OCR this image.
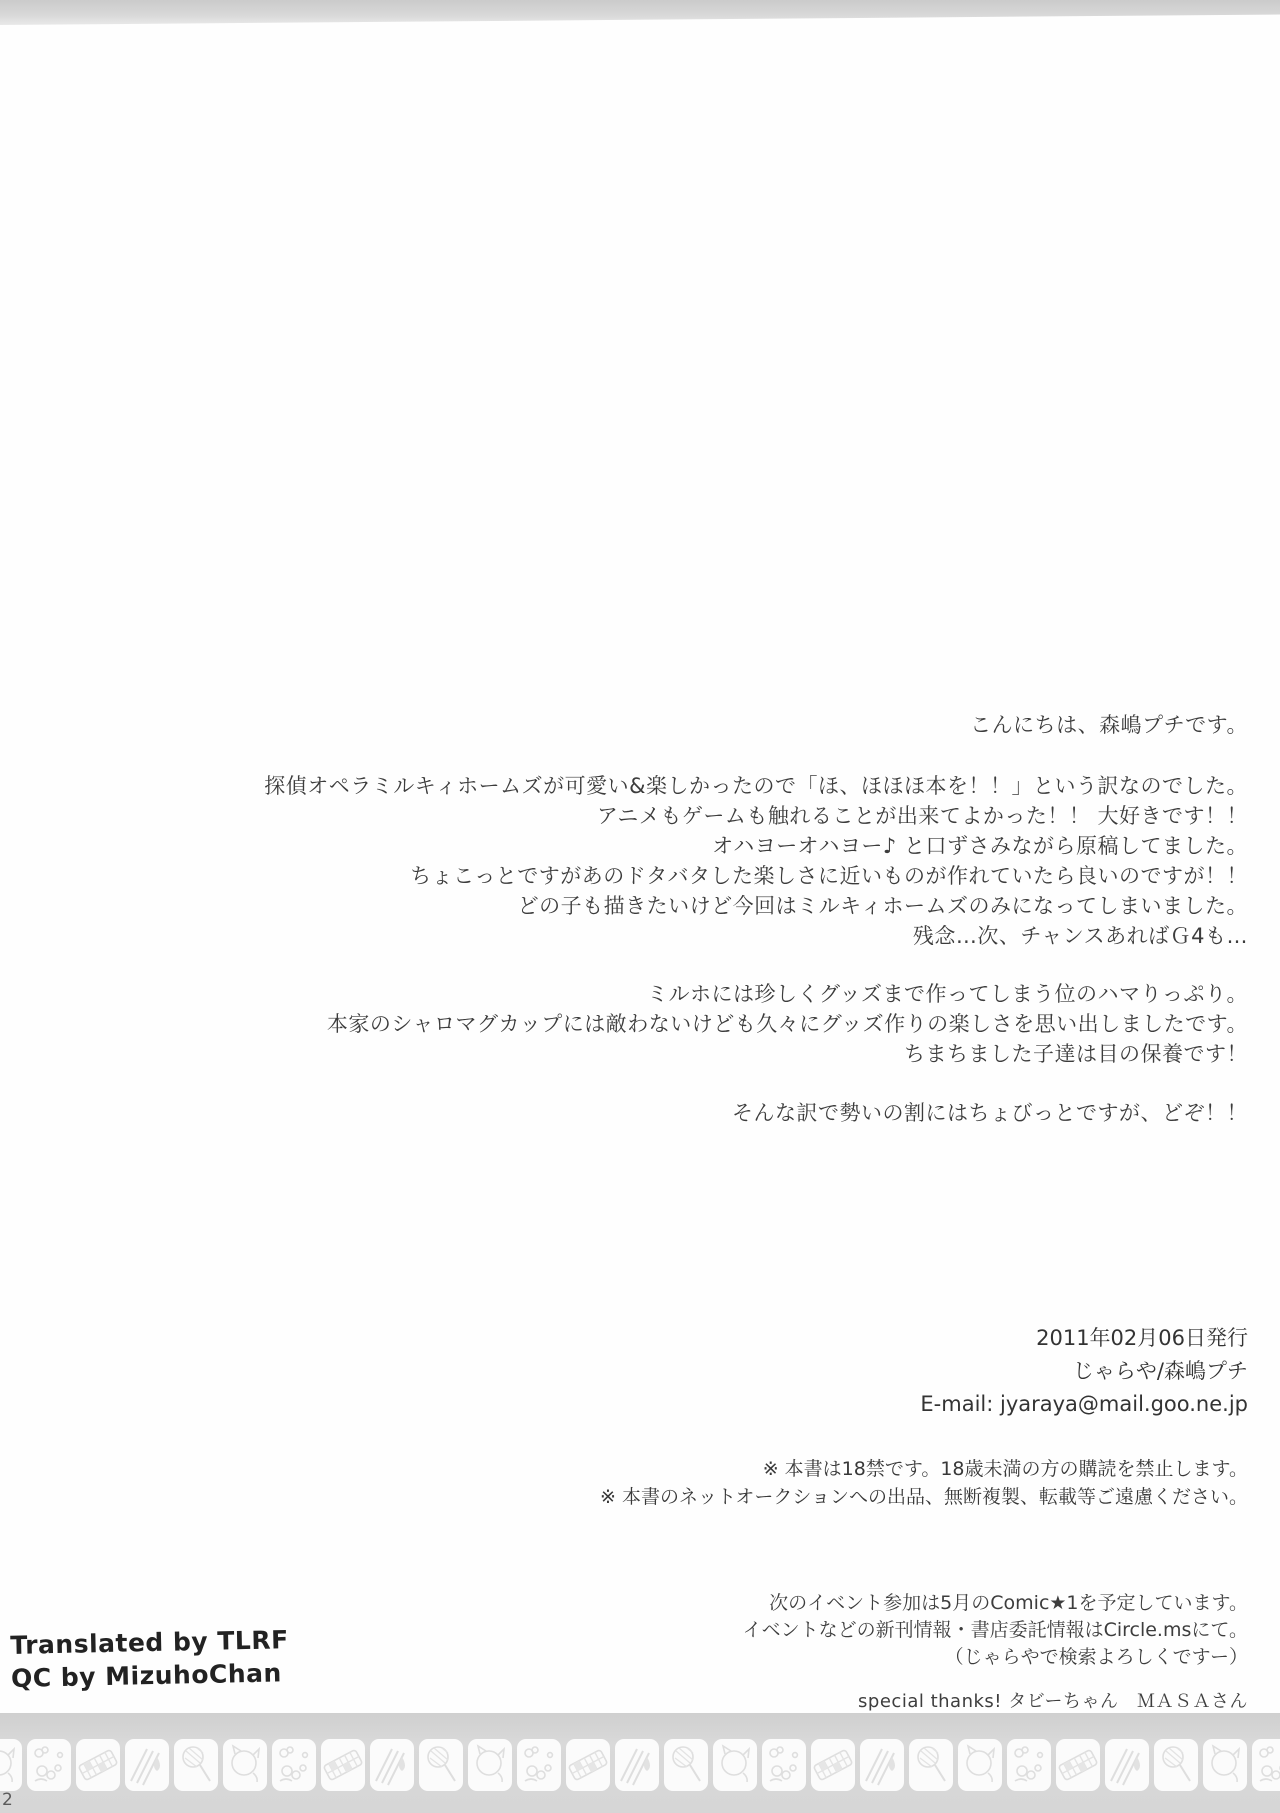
こんにちは、森嶋プチです。
探偵オペラミルキィホームズが可愛い&楽しかったので「ほ、ほほほ本を！！」という訳なのでした。
アニメもゲームも触れることが出来てよかった！！ 大好きです！！
オハヨーオハヨー♪ と口ずさみながら原稿してました。
ちょこっとですがあのドタバタした楽しさに近いものが作れていたら良いのですが！！
どの子も描きたいけど今回はミルキィホームズのみになってしまいました。
残念…次、チャンスあればＧ4も…
ミルホには珍しくグッズまで作ってしまう位のハマりっぷり。
本家のシャロマグカップには敵わないけども久々にグッズ作りの楽しさを思い出しましたです。
ちまちました子達は目の保養です！
そんな訳で勢いの割にはちょびっとですが、どぞ！！
2011年02月06日発行
じゃらや/森嶋プチ
E-mail: jyaraya@mail.goo.ne.jp
※ 本書は18禁です。18歳未満の方の購読を禁止します。
※ 本書のネットオークションへの出品、無断複製、転載等ご遠慮ください。
次のイベント参加は5月のComic★1を予定しています。
イベントなどの新刊情報・書店委託情報はCircle.msにて。
（じゃらやで検索よろしくですー）
special thanks! タビーちゃん　ＭＡＳＡさん
Translated by TLRF
QC by MizuhoChan
2
